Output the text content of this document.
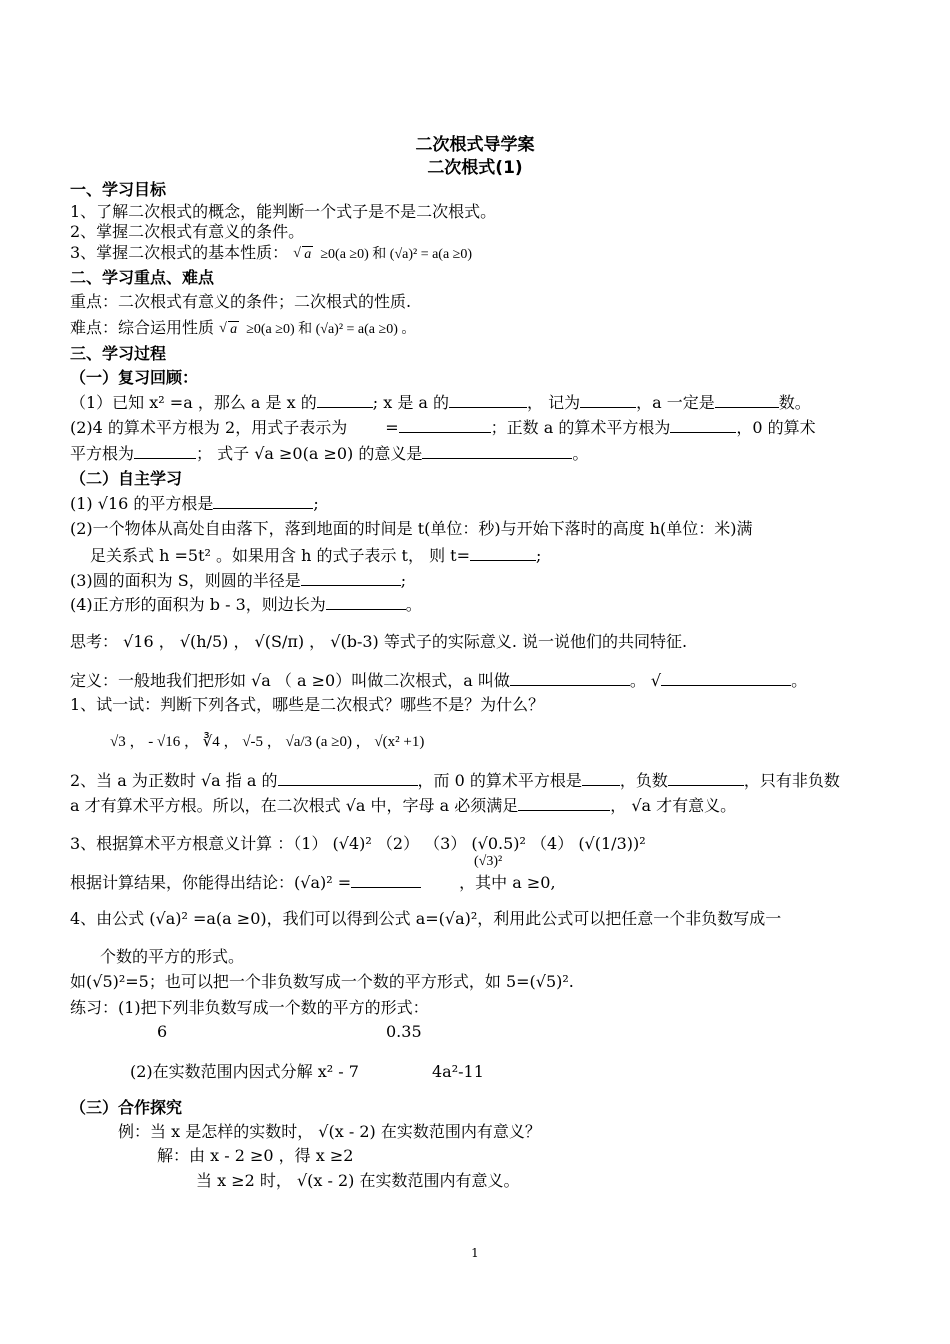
二次根式导学案
二次根式(1)
一、学习目标
1、了解二次根式的概念，能判断一个式子是不是二次根式。
2、掌握二次根式有意义的条件。
3、掌握二次根式的基本性质： √ a ≥0(a ≥0) 和 (√a)² = a(a ≥0)
二、学习重点、难点
重点：二次根式有意义的条件；二次根式的性质.
难点：综合运用性质 √ a ≥0(a ≥0) 和 (√a)² = a(a ≥0) 。
三、学习过程
（一）复习回顾：
（1）已知 x² =a ，那么 a 是 x 的	; x 是 a 的	， 记为	，a 一定是	数。
(2)4 的算术平方根为 2，用式子表示为 =	；正数 a 的算术平方根为	，0 的算术
平方根为	； 式子 √a ≥0(a ≥0) 的意义是	。
（二）自主学习
(1) √16 的平方根是	;
(2)一个物体从高处自由落下，落到地面的时间是 t(单位：秒)与开始下落时的高度 h(单位：米)满
足关系式 h =5t² 。如果用含 h 的式子表示 t， 则 t=	;
(3)圆的面积为 S，则圆的半径是	;
(4)正方形的面积为 b - 3，则边长为	。
思考： √16 ， √(h/5) ， √(S/π) ， √(b-3) 等式子的实际意义. 说一说他们的共同特征.
定义：一般地我们把形如 √a （ a ≥0）叫做二次根式，a 叫做	。 √	。
1、试一试：判断下列各式，哪些是二次根式？哪些不是？为什么？
√3 ， - √16 ， ∛4 ， √-5 ， √a/3 (a ≥0) ， √(x² +1)
2、当 a 为正数时 √a 指 a 的	，而 0 的算术平方根是 ，负数	，只有非负数
a 才有算术平方根。所以，在二次根式 √a 中，字母 a 必须满足	， √a 才有意义。
3、根据算术平方根意义计算 ：（1） (√4)² （2） （3） (√0.5)² （4） (√(1/3))²
(√3)²
根据计算结果，你能得出结论：(√a)² =	，其中 a ≥0,
4、由公式 (√a)² =a(a ≥0)，我们可以得到公式 a=(√a)²，利用此公式可以把任意一个非负数写成一
个数的平方的形式。
如(√5)²=5；也可以把一个非负数写成一个数的平方形式，如 5=(√5)².
练习：(1)把下列非负数写成一个数的平方的形式：
6	0.35
(2)在实数范围内因式分解 x² - 7	4a²-11
（三）合作探究
例：当 x 是怎样的实数时， √(x - 2) 在实数范围内有意义？
解：由 x - 2 ≥0 ，得 x ≥2
当 x ≥2 时， √(x - 2) 在实数范围内有意义。
1
